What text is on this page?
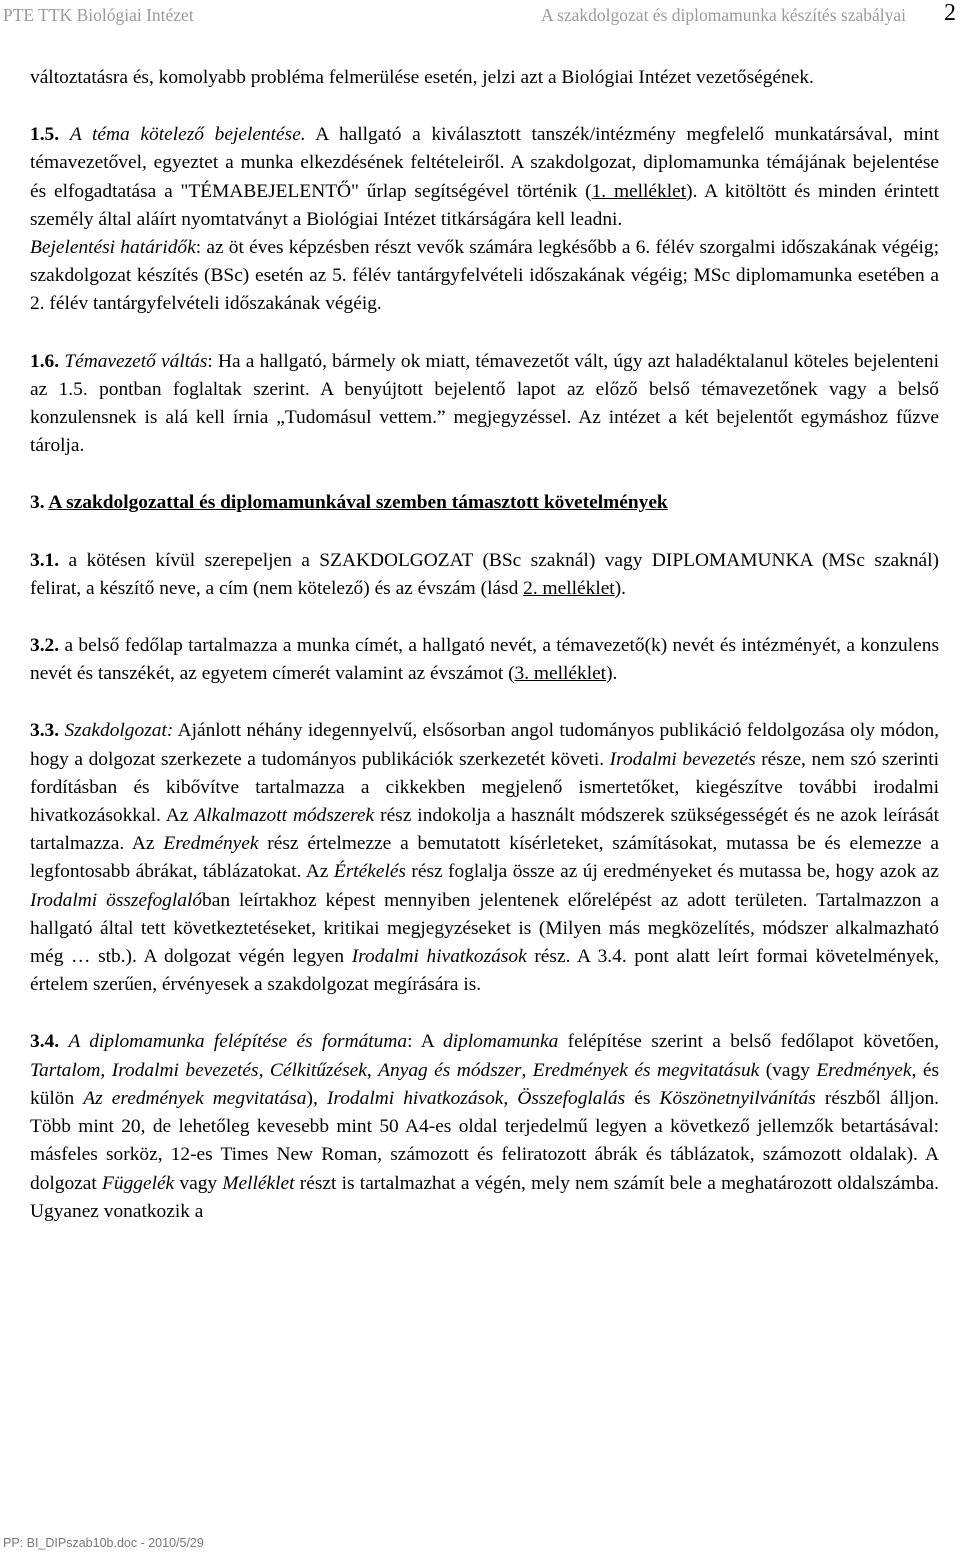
PTE TTK Biológiai Intézet	A szakdolgozat és diplomamunka készítés szabályai 2

változtatásra és, komolyabb probléma felmerülése esetén, jelzi azt a Biológiai Intézet vezetőségének.

1.5. A téma kötelező bejelentése. A hallgató a kiválasztott tanszék/intézmény megfelelő munkatársával, mint témavezetővel, egyeztet a munka elkezdésének feltételeiről. A szakdolgozat, diplomamunka témájának bejelentése és elfogadtatása a "TÉMABEJELENTŐ" űrlap segítségével történik (1. melléklet). A kitöltött és minden érintett személy által aláírt nyomtatványt a Biológiai Intézet titkárságára kell leadni.

Bejelentési határidők: az öt éves képzésben részt vevők számára legkésőbb a 6. félév szorgalmi időszakának végéig; szakdolgozat készítés (BSc) esetén az 5. félév tantárgyfelvételi időszakának végéig; MSc diplomamunka esetében a 2. félév tantárgyfelvételi időszakának végéig.

1.6. Témavezető váltás: Ha a hallgató, bármely ok miatt, témavezetőt vált, úgy azt haladéktalanul köteles bejelenteni az 1.5. pontban foglaltak szerint. A benyújtott bejelentő lapot az előző belső témavezetőnek vagy a belső konzulensnek is alá kell írnia „Tudomásul vettem.” megjegyzéssel. Az intézet a két bejelentőt egymáshoz fűzve tárolja.

3. A szakdolgozattal és diplomamunkával szemben támasztott követelmények

3.1. a kötésen kívül szerepeljen a SZAKDOLGOZAT (BSc szaknál) vagy DIPLOMAMUNKA (MSc szaknál) felirat, a készítő neve, a cím (nem kötelező) és az évszám (lásd 2. melléklet).

3.2. a belső fedőlap tartalmazza a munka címét, a hallgató nevét, a témavezető(k) nevét és intézményét, a konzulens nevét és tanszékét, az egyetem címerét valamint az évszámot (3. melléklet).

3.3. Szakdolgozat: Ajánlott néhány idegennyelvű, elsősorban angol tudományos publikáció feldolgozása oly módon, hogy a dolgozat szerkezete a tudományos publikációk szerkezetét követi. Irodalmi bevezetés része, nem szó szerinti fordításban és kibővítve tartalmazza a cikkekben megjelenő ismertetőket, kiegészítve további irodalmi hivatkozásokkal. Az Alkalmazott módszerek rész indokolja a használt módszerek szükségességét és ne azok leírását tartalmazza. Az Eredmények rész értelmezze a bemutatott kísérleteket, számításokat, mutassa be és elemezze a legfontosabb ábrákat, táblázatokat. Az Értékelés rész foglalja össze az új eredményeket és mutassa be, hogy azok az Irodalmi összefoglalóban leírtakhoz képest mennyiben jelentenek előrelépést az adott területen. Tartalmazzon a hallgató által tett következtetéseket, kritikai megjegyzéseket is (Milyen más megközelítés, módszer alkalmazható még … stb.). A dolgozat végén legyen Irodalmi hivatkozások rész. A 3.4. pont alatt leírt formai követelmények, értelem szerűen, érvényesek a szakdolgozat megírására is.

3.4. A diplomamunka felépítése és formátuma: A diplomamunka felépítése szerint a belső fedőlapot követően, Tartalom, Irodalmi bevezetés, Célkitűzések, Anyag és módszer, Eredmények és megvitatásuk (vagy Eredmények, és külön Az eredmények megvitatása), Irodalmi hivatkozások, Összefoglalás és Köszönetnyilvánítás részből álljon. Több mint 20, de lehetőleg kevesebb mint 50 A4-es oldal terjedelmű legyen a következő jellemzők betartásával: másfeles sorköz, 12-es Times New Roman, számozott és feliratozott ábrák és táblázatok, számozott oldalak). A dolgozat Függelék vagy Melléklet részt is tartalmazhat a végén, mely nem számít bele a meghatározott oldalszámba. Ugyanez vonatkozik a

PP: BI_DIPszab10b.doc - 2010/5/29
